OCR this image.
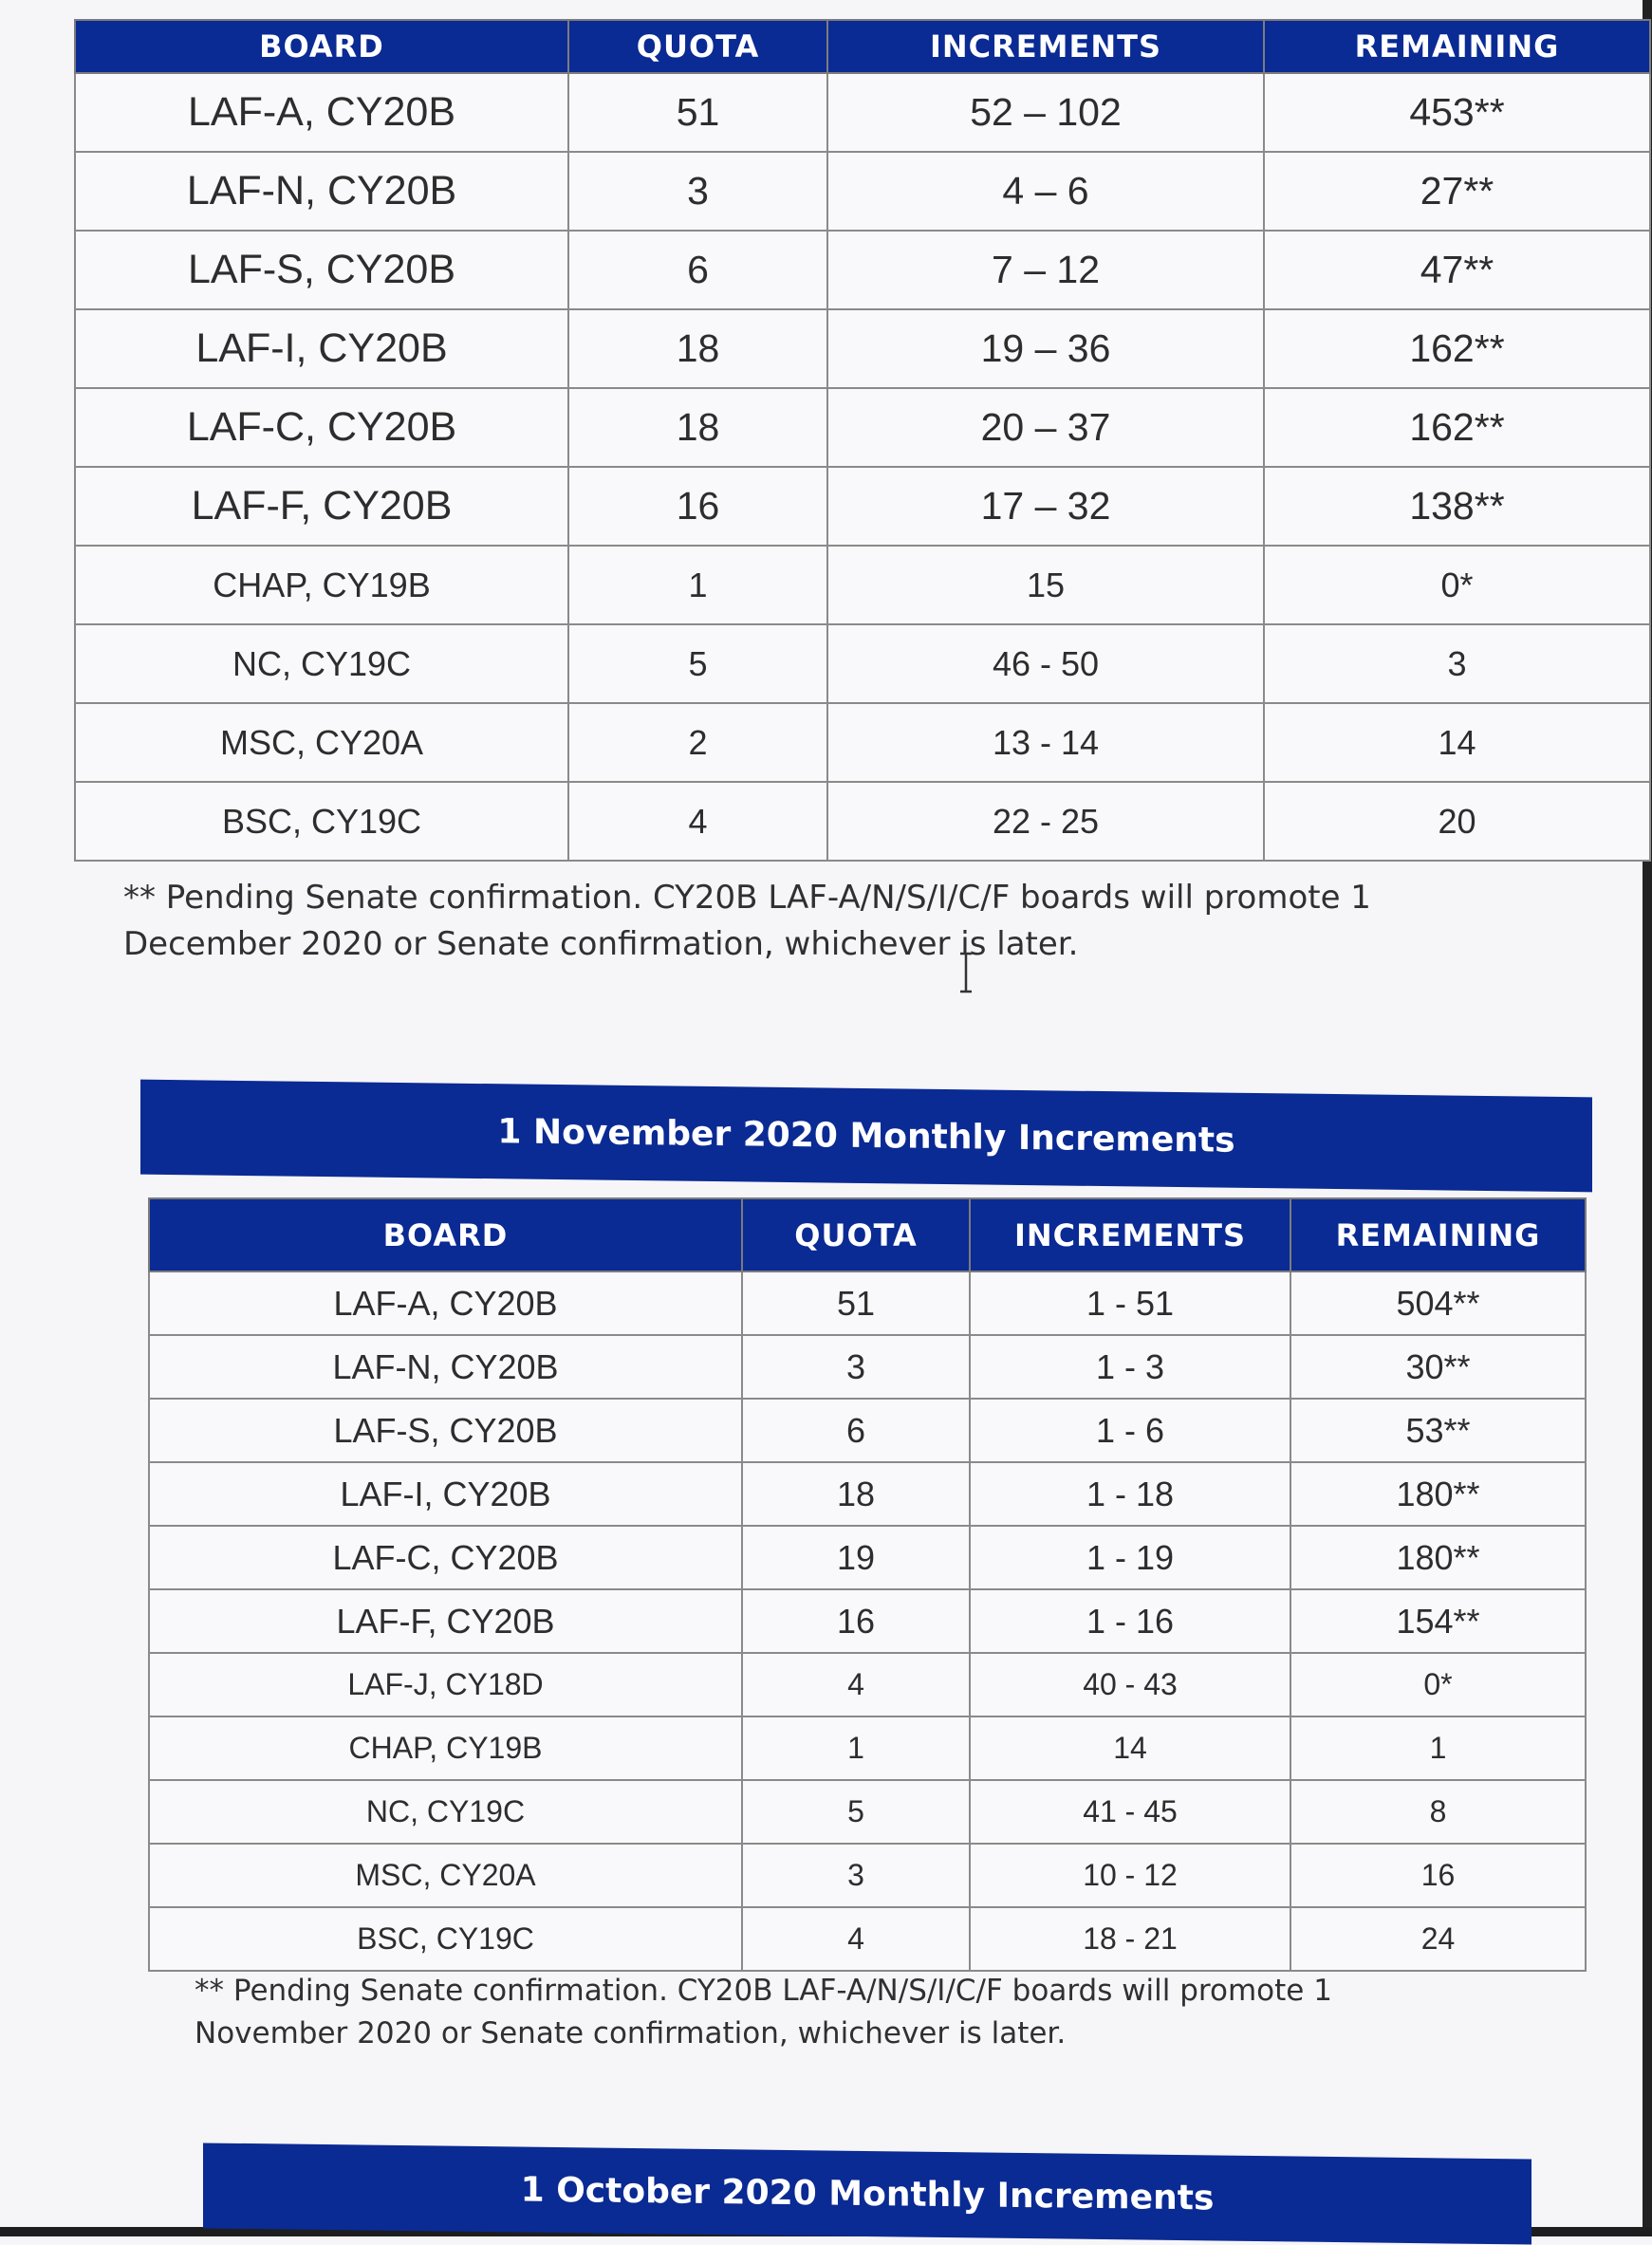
BOARD	QUOTA	INCREMENTS	REMAINING
LAF-A, CY20B	51	52 – 102	453**
LAF-N, CY20B	3	4 – 6	27**
LAF-S, CY20B	6	7 – 12	47**
LAF-I, CY20B	18	19 – 36	162**
LAF-C, CY20B	18	20 – 37	162**
LAF-F, CY20B	16	17 – 32	138**
CHAP, CY19B	1	15	0*
NC, CY19C	5	46 - 50	3
MSC, CY20A	2	13 - 14	14
BSC, CY19C	4	22 - 25	20

** Pending Senate confirmation. CY20B LAF-A/N/S/I/C/F boards will promote 1 December 2020 or Senate confirmation, whichever is later.

1 November 2020 Monthly Increments
BOARD	QUOTA	INCREMENTS	REMAINING
LAF-A, CY20B	51	1 - 51	504**
LAF-N, CY20B	3	1 - 3	30**
LAF-S, CY20B	6	1 - 6	53**
LAF-I, CY20B	18	1 - 18	180**
LAF-C, CY20B	19	1 - 19	180**
LAF-F, CY20B	16	1 - 16	154**
LAF-J, CY18D	4	40 - 43	0*
CHAP, CY19B	1	14	1
NC, CY19C	5	41 - 45	8
MSC, CY20A	3	10 - 12	16
BSC, CY19C	4	18 - 21	24

** Pending Senate confirmation. CY20B LAF-A/N/S/I/C/F boards will promote 1 November 2020 or Senate confirmation, whichever is later.

1 October 2020 Monthly Increments
